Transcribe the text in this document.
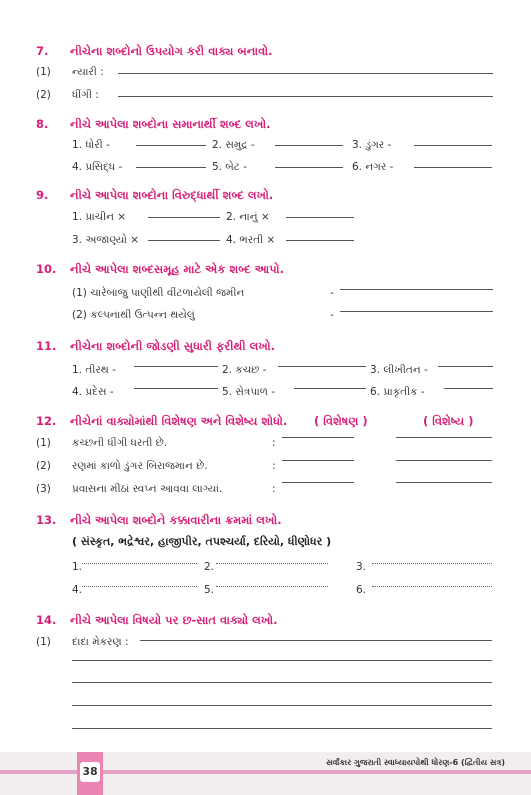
7. નીચેના શબ્દોનો ઉપયોગ કરી વાક્ય બનાવો.
(1) ન્યારી :
(2) ધીંગી :
8. નીચે આપેલા શબ્દોના સમાનાર્થી શબ્દ લખો.
1. ધોરી -	2. સમુદ્ર -	3. ડુંગર -
4. પ્રસિદ્ધ -	5. બેટ -	6. નગર -
9. નીચે આપેલા શબ્દોના વિરુદ્ધાર્થી શબ્દ લખો.
1. પ્રાચીન ×	2. નાનું ×
3. અજાણ્યો ×	4. ભરતી ×
10. નીચે આપેલા શબ્દસમૂહ માટે એક શબ્દ આપો.
(1) ચારેબાજુ પાણીથી વીંટળાયેલી જમીન	-
(2) કલ્પનાથી ઉત્પન્ન થયેલું	-
11. નીચેના શબ્દોની જોડણી સુધારી ફરીથી લખો.
1. તીરથ -	2. કચછ -	3. લીખીતન -
4. પ્રદેસ -	5. સેત્રપાળ -	6. પ્રાકૃતીક -
12. નીચેનાં વાક્યોમાંથી વિશેષણ અને વિશેષ્ય શોધો. ( વિશેષણ )	( વિશેષ્ય )
(1) કચ્છની ધીંગી ધરતી છે.	:
(2) રણમાં કાળો ડુંગર બિરાજમાન છે.	:
(3) પ્રવાસના મીઠાં સ્વપ્ન આવવા લાગ્યાં.	:
13. નીચે આપેલા શબ્દોને કક્કાવારીના ક્રમમાં લખો.
( સંસ્કૃત, ભદ્રેશ્વર, હાજીપીર, તપશ્ચર્યા, દરિયો, ધીણોધર )
1.	2.	3.
4.	5.	6.
14. નીચે આપેલા વિષયો પર છ-સાત વાક્યો લખો.
(1) દાદા મેકરણ :
38
સર્વાંકાર ગુજરાતી સ્વાધ્યાયપોથી ધોરણ-6 (દ્વિતીય સત્ર)
